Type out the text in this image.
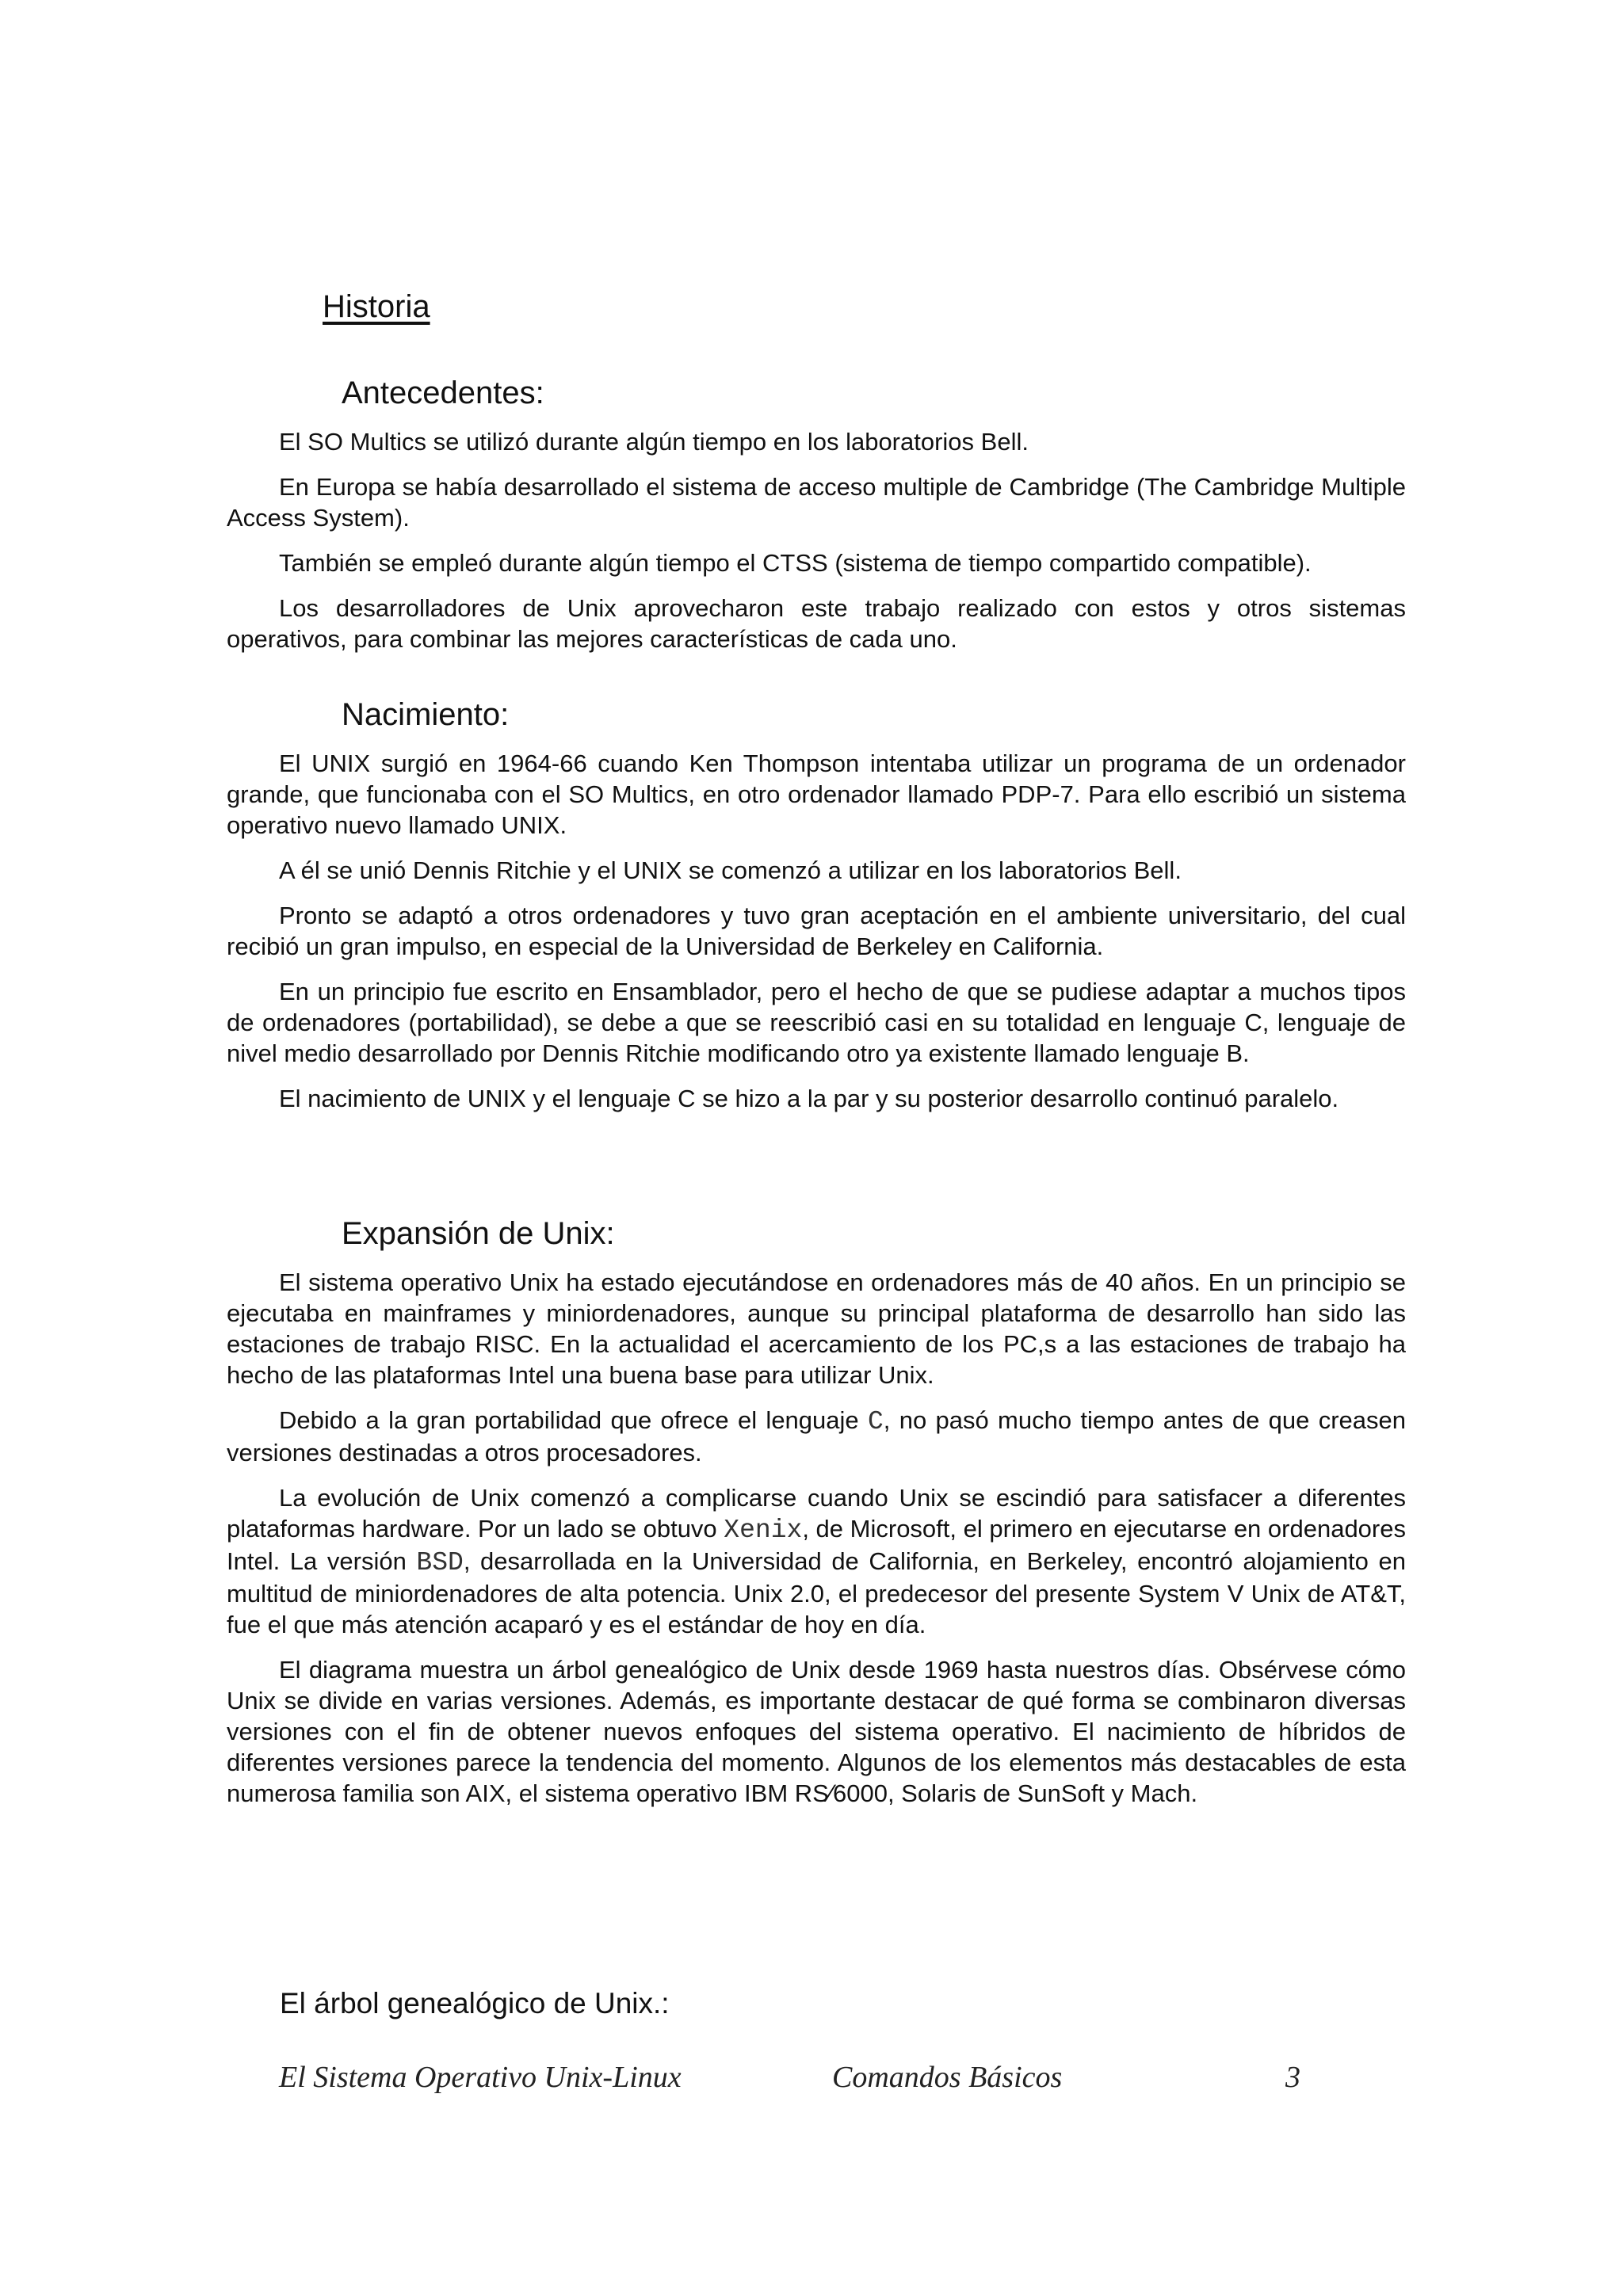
Historia
Antecedentes:

El SO Multics se utilizó durante algún tiempo en los laboratorios Bell.

En Europa se había desarrollado el sistema de acceso multiple de Cambridge (The Cambridge Multiple Access System).

También se empleó durante algún tiempo el CTSS (sistema de tiempo compartido compatible).

Los desarrolladores de Unix aprovecharon este trabajo realizado con estos y otros sistemas operativos, para combinar las mejores características de cada uno.

Nacimiento:

El UNIX surgió en 1964-66 cuando Ken Thompson intentaba utilizar un programa de un ordenador grande, que funcionaba con el SO Multics, en otro ordenador llamado PDP-7. Para ello escribió un sistema operativo nuevo llamado UNIX.

A él se unió Dennis Ritchie y el UNIX se comenzó a utilizar en los laboratorios Bell.

Pronto se adaptó a otros ordenadores y tuvo gran aceptación en el ambiente universitario, del cual recibió un gran impulso, en especial de la Universidad de Berkeley en California.

En un principio fue escrito en Ensamblador, pero el hecho de que se pudiese adaptar a muchos tipos de ordenadores (portabilidad), se debe a que se reescribió casi en su totalidad en lenguaje C, lenguaje de nivel medio desarrollado por Dennis Ritchie modificando otro ya existente llamado lenguaje B.

El nacimiento de UNIX y el lenguaje C se hizo a la par y su posterior desarrollo continuó paralelo.

Expansión de Unix:

El sistema operativo Unix ha estado ejecutándose en ordenadores más de 40 años. En un principio se ejecutaba en mainframes y miniordenadores, aunque su principal plataforma de desarrollo han sido las estaciones de trabajo RISC. En la actualidad el acercamiento de los PC,s a las estaciones de trabajo ha hecho de las plataformas Intel una buena base para utilizar Unix.

Debido a la gran portabilidad que ofrece el lenguaje C, no pasó mucho tiempo antes de que creasen versiones destinadas a otros procesadores.

La evolución de Unix comenzó a complicarse cuando Unix se escindió para satisfacer a diferentes plataformas hardware. Por un lado se obtuvo Xenix, de Microsoft, el primero en ejecutarse en ordenadores Intel. La versión BSD, desarrollada en la Universidad de California, en Berkeley, encontró alojamiento en multitud de miniordenadores de alta potencia. Unix 2.0, el predecesor del presente System V Unix de AT&T, fue el que más atención acaparó y es el estándar de hoy en día.

El diagrama muestra un árbol genealógico de Unix desde 1969 hasta nuestros días. Obsérvese cómo Unix se divide en varias versiones. Además, es importante destacar de qué forma se combinaron diversas versiones con el fin de obtener nuevos enfoques del sistema operativo. El nacimiento de híbridos de diferentes versiones parece la tendencia del momento. Algunos de los elementos más destacables de esta numerosa familia son AIX, el sistema operativo IBM RS∕6000, Solaris de SunSoft y Mach.

El árbol genealógico de Unix.:

El Sistema Operativo Unix-Linux	Comandos Básicos	3
